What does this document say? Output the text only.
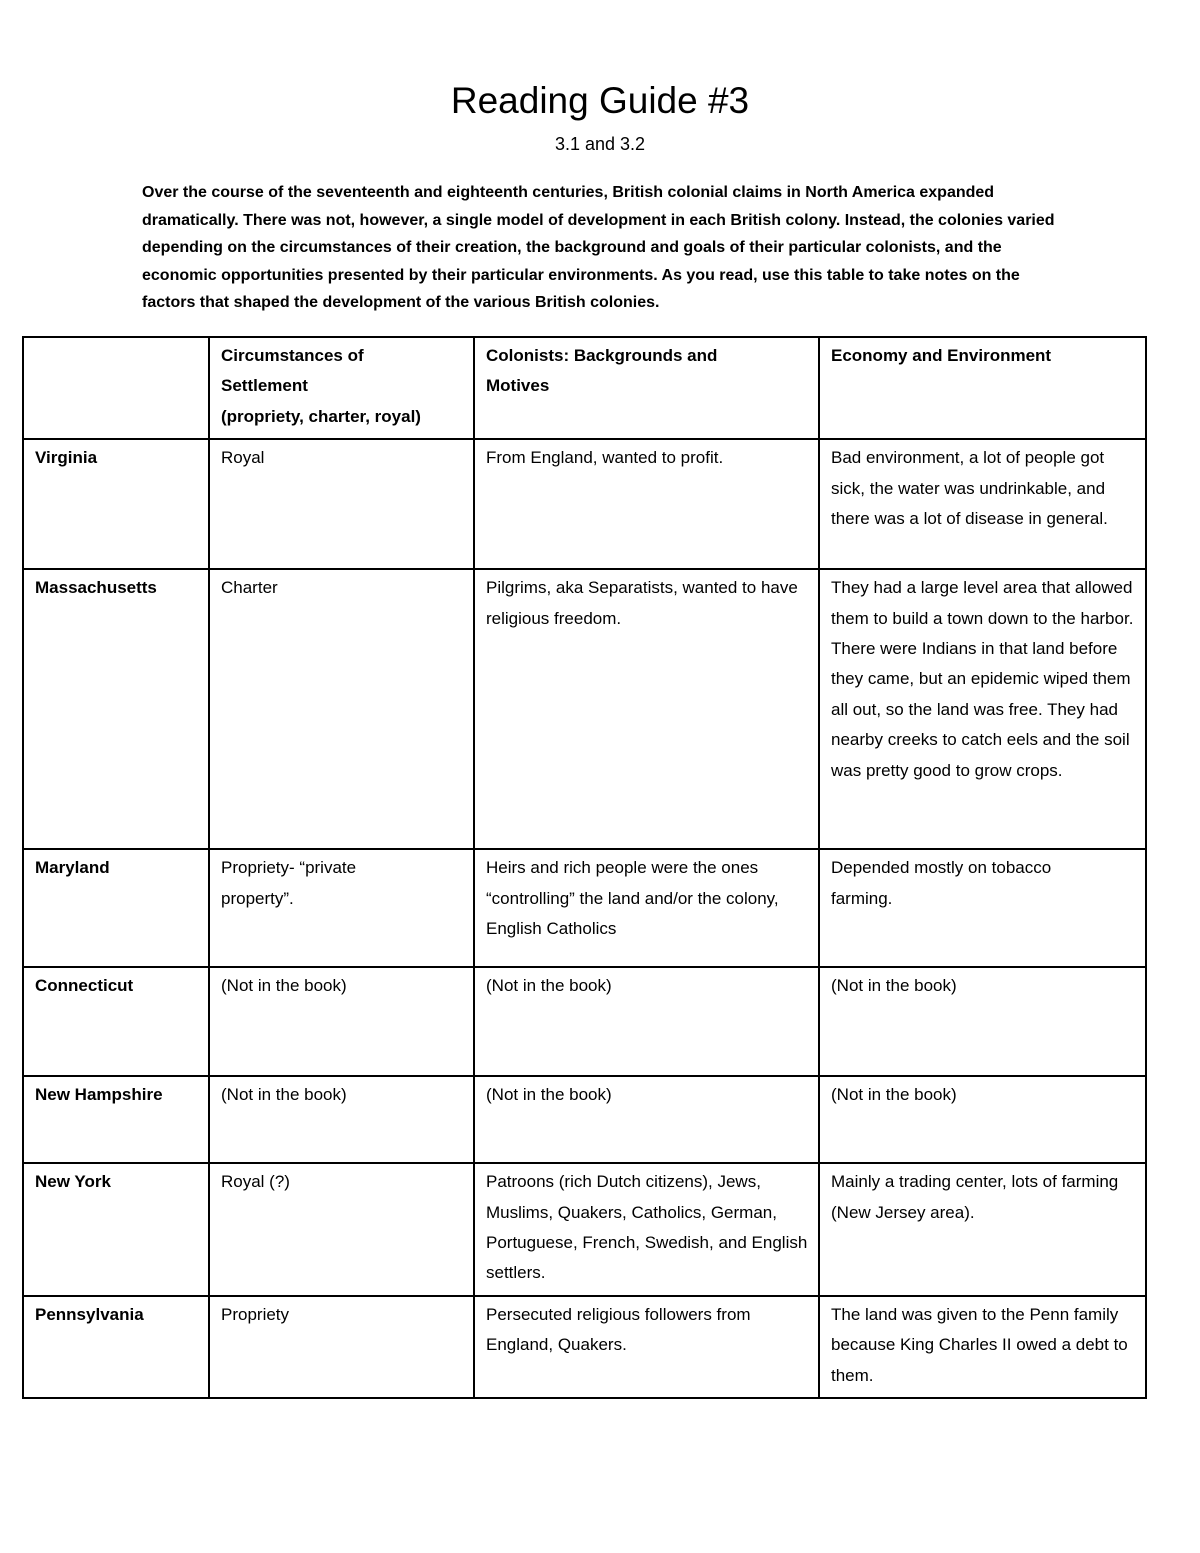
Reading Guide #3
3.1 and 3.2

Over the course of the seventeenth and eighteenth centuries, British colonial claims in North America expanded dramatically. There was not, however, a single model of development in each British colony. Instead, the colonies varied depending on the circumstances of their creation, the background and goals of their particular colonists, and the economic opportunities presented by their particular environments. As you read, use this table to take notes on the factors that shaped the development of the various British colonies.

	Circumstances of
Settlement
(propriety, charter, royal)	Colonists: Backgrounds and Motives	Economy and Environment

Virginia	Royal	From England, wanted to profit.	Bad environment, a lot of people got sick, the water was undrinkable, and there was a lot of disease in general.
Massachusetts	Charter	Pilgrims, aka Separatists, wanted to have religious freedom.	They had a large level area that allowed them to build a town down to the harbor. There were Indians in that land before they came, but an epidemic wiped them all out, so the land was free. They had nearby creeks to catch eels and the soil was pretty good to grow crops.
Maryland	Propriety- “private property”.	Heirs and rich people were the ones “controlling” the land and/or the colony, English Catholics	Depended mostly on tobacco farming.
Connecticut	(Not in the book)	(Not in the book)	(Not in the book)
New Hampshire	(Not in the book)	(Not in the book)	(Not in the book)
New York	Royal (?)	Patroons (rich Dutch citizens), Jews, Muslims, Quakers, Catholics, German, Portuguese, French, Swedish, and English settlers.	Mainly a trading center, lots of farming (New Jersey area).
Pennsylvania	Propriety	Persecuted religious followers from England, Quakers.	The land was given to the Penn family because King Charles II owed a debt to them.
